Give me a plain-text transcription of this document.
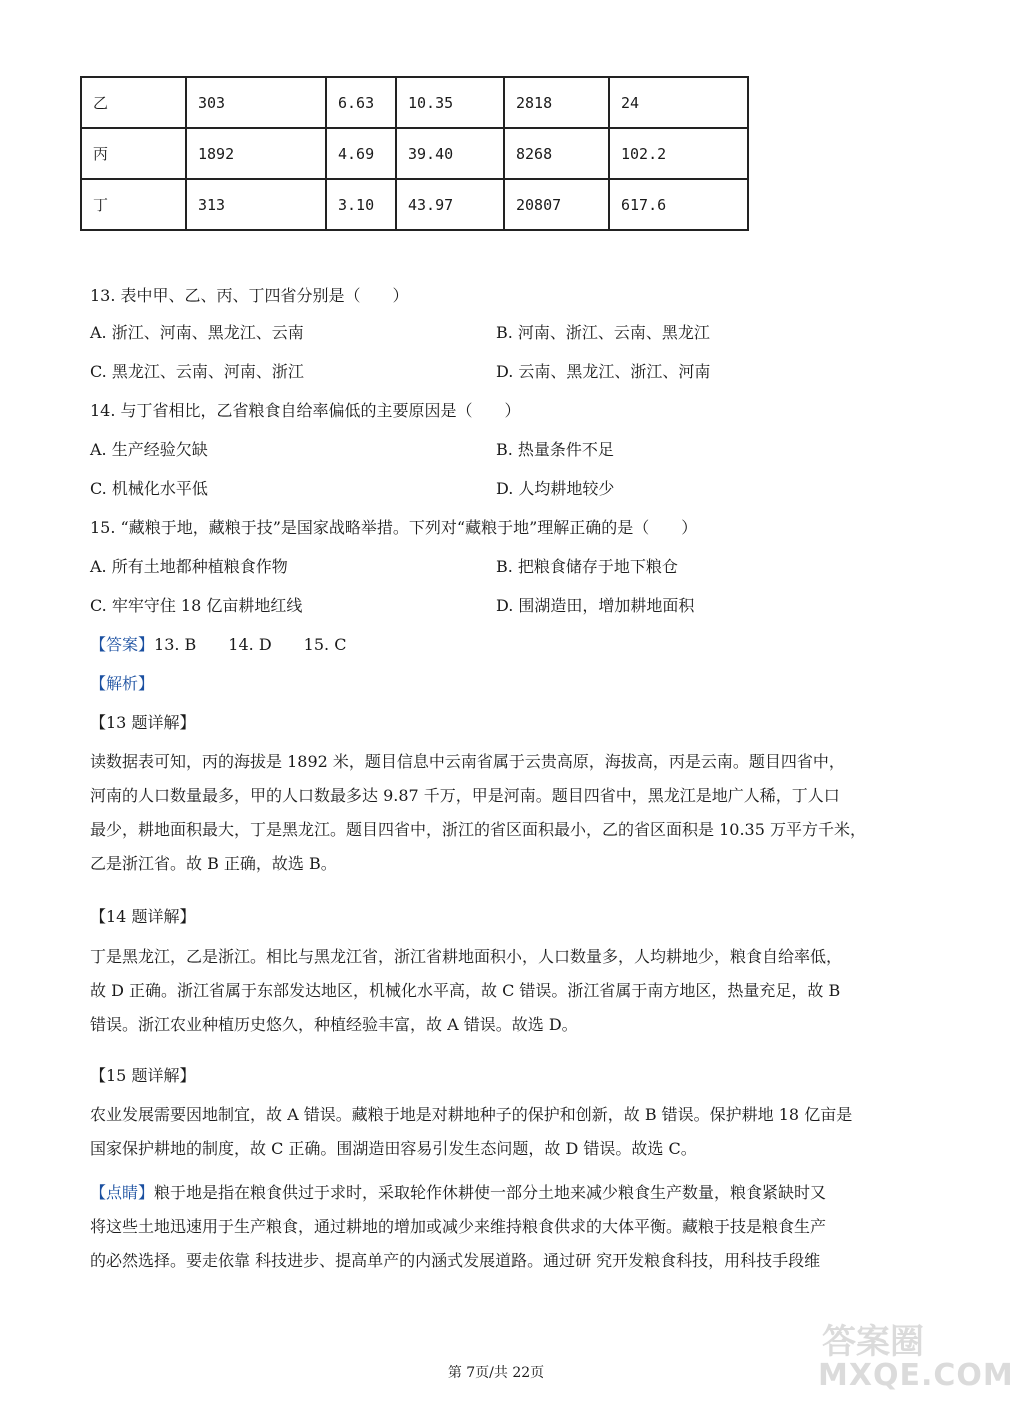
乙	303	6.63	10.35	2818	24
丙	1892	4.69	39.40	8268	102.2
丁	313	3.10	43.97	20807	617.6
13. 表中甲、乙、丙、丁四省分别是（　　）
A. 浙江、河南、黑龙江、云南	B. 河南、浙江、云南、黑龙江
C. 黑龙江、云南、河南、浙江	D. 云南、黑龙江、浙江、河南
14. 与丁省相比，乙省粮食自给率偏低的主要原因是（　　）
A. 生产经验欠缺	B. 热量条件不足
C. 机械化水平低	D. 人均耕地较少
15. “藏粮于地，藏粮于技”是国家战略举措。下列对“藏粮于地”理解正确的是（　　）
A. 所有土地都种植粮食作物	B. 把粮食储存于地下粮仓
C. 牢牢守住 18 亿亩耕地红线	D. 围湖造田，增加耕地面积
【答案】13. B　　14. D　　15. C
【解析】
【13 题详解】
读数据表可知，丙的海拔是 1892 米，题目信息中云南省属于云贵高原，海拔高，丙是云南。题目四省中，
河南的人口数量最多，甲的人口数最多达 9.87 千万，甲是河南。题目四省中，黑龙江是地广人稀，丁人口
最少，耕地面积最大，丁是黑龙江。题目四省中，浙江的省区面积最小，乙的省区面积是 10.35 万平方千米，
乙是浙江省。故 B 正确，故选 B。
【14 题详解】
丁是黑龙江，乙是浙江。相比与黑龙江省，浙江省耕地面积小，人口数量多，人均耕地少，粮食自给率低，
故 D 正确。浙江省属于东部发达地区，机械化水平高，故 C 错误。浙江省属于南方地区，热量充足，故 B
错误。浙江农业种植历史悠久，种植经验丰富，故 A 错误。故选 D。
【15 题详解】
农业发展需要因地制宜，故 A 错误。藏粮于地是对耕地种子的保护和创新，故 B 错误。保护耕地 18 亿亩是
国家保护耕地的制度，故 C 正确。围湖造田容易引发生态问题，故 D 错误。故选 C。
【点睛】粮于地是指在粮食供过于求时，采取轮作休耕使一部分土地来减少粮食生产数量，粮食紧缺时又
将这些土地迅速用于生产粮食，通过耕地的增加或减少来维持粮食供求的大体平衡。藏粮于技是粮食生产
的必然选择。要走依靠 科技进步、提高单产的内涵式发展道路。通过研 究开发粮食科技，用科技手段维
第 7页/共 22页
答案圈
MXQE.COM
